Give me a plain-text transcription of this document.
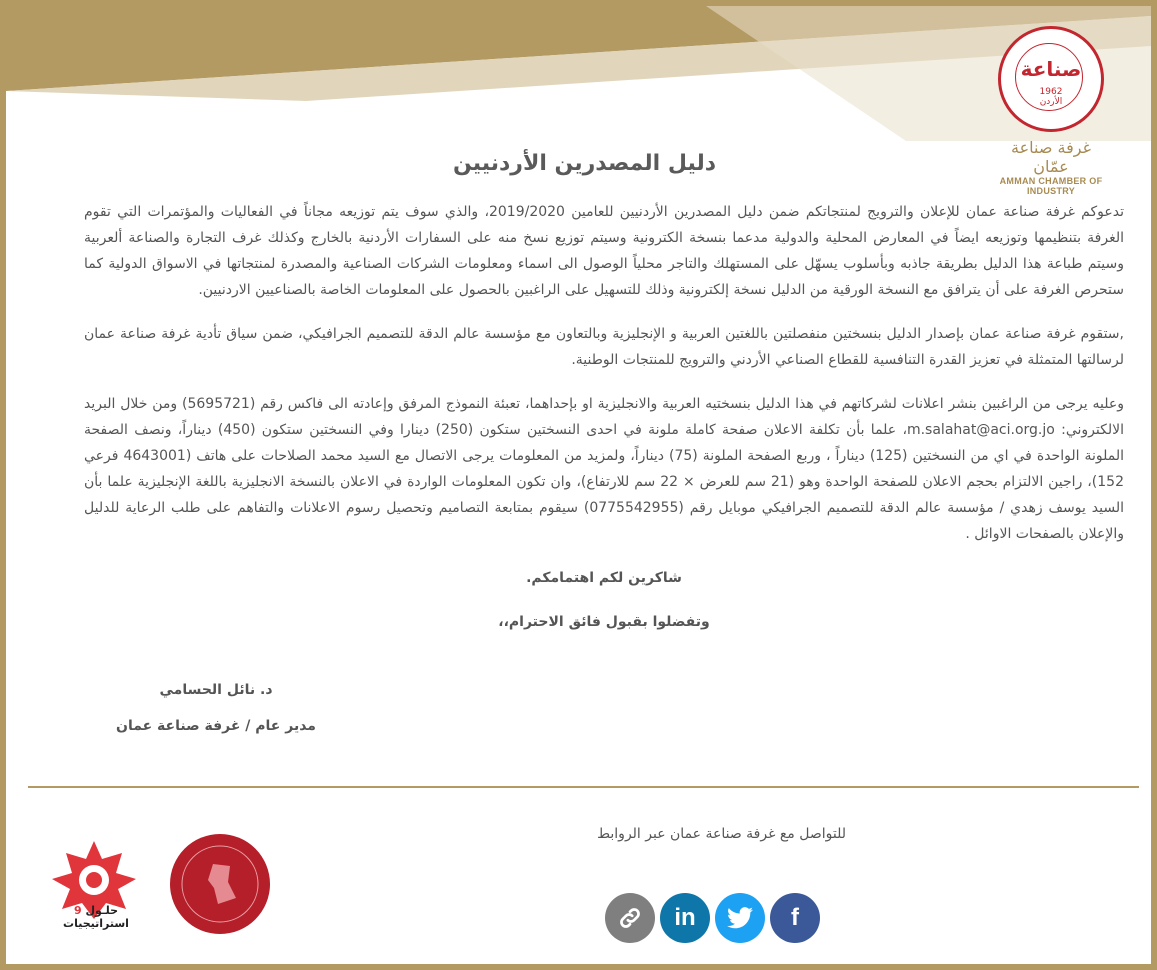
صناعة
1962
الأردن
غرفة صناعة عمّان
AMMAN CHAMBER OF INDUSTRY
دليل المصدرين الأردنيين

تدعوكم غرفة صناعة عمان للإعلان والترويج لمنتجاتكم ضمن دليل المصدرين الأردنيين للعامين 2019/2020، والذي سوف يتم توزيعه مجاناً في الفعاليات والمؤتمرات التي تقوم الغرفة بتنظيمها وتوزيعه ايضاً في المعارض المحلية والدولية مدعما بنسخة الكترونية وسيتم توزيع نسخ منه على السفارات الأردنية بالخارج وكذلك غرف التجارة والصناعة ألعربية وسيتم طباعة هذا الدليل بطريقة جاذبه وبأسلوب يسهّل على المستهلك والتاجر محلياً الوصول الى اسماء ومعلومات الشركات الصناعية والمصدرة لمنتجاتها في الاسواق الدولية كما ستحرص الغرفة على أن يترافق مع النسخة الورقية من الدليل نسخة إلكترونية وذلك للتسهيل على الراغبين بالحصول على المعلومات الخاصة بالصناعيين الاردنيين.

,ستقوم غرفة صناعة عمان بإصدار الدليل بنسختين منفصلتين باللغتين العربية و الإنجليزية وبالتعاون مع مؤسسة عالم الدقة للتصميم الجرافيكي، ضمن سياق تأدية غرفة صناعة عمان لرسالتها المتمثلة في تعزيز القدرة التنافسية للقطاع الصناعي الأردني والترويج للمنتجات الوطنية.

وعليه يرجى من الراغبين بنشر اعلانات لشركاتهم في هذا الدليل بنسختيه العربية والانجليزية او بإحداهما، تعبئة النموذج المرفق وإعادته الى فاكس رقم (5695721) ومن خلال البريد الالكتروني: m.salahat@aci.org.jo، علما بأن تكلفة الاعلان صفحة كاملة ملونة في احدى النسختين ستكون (250) دينارا وفي النسختين ستكون (450) ديناراً، ونصف الصفحة الملونة الواحدة في اي من النسختين (125) ديناراً ، وربع الصفحة الملونة (75) ديناراً، ولمزيد من المعلومات يرجى الاتصال مع السيد محمد الصلاحات على هاتف (4643001 فرعي 152)، راجين الالتزام بحجم الاعلان للصفحة الواحدة وهو (21 سم للعرض × 22 سم للارتفاع)، وان تكون المعلومات الواردة في الاعلان بالنسخة الانجليزية باللغة الإنجليزية علما بأن السيد يوسف زهدي / مؤسسة عالم الدقة للتصميم الجرافيكي موبايل رقم (0775542955) سيقوم بمتابعة التصاميم وتحصيل رسوم الاعلانات والتفاهم على طلب الرعاية للدليل والإعلان بالصفحات الاوائل .

شاكرين لكم اهتمامكم.
وتفضلوا بقبول فائق الاحترام،،
د. نائل الحسامي
مدير عام / غرفة صناعة عمان
للتواصل مع غرفة صناعة عمان عبر الروابط
f
in
حلـول 9
استراتيجيات
